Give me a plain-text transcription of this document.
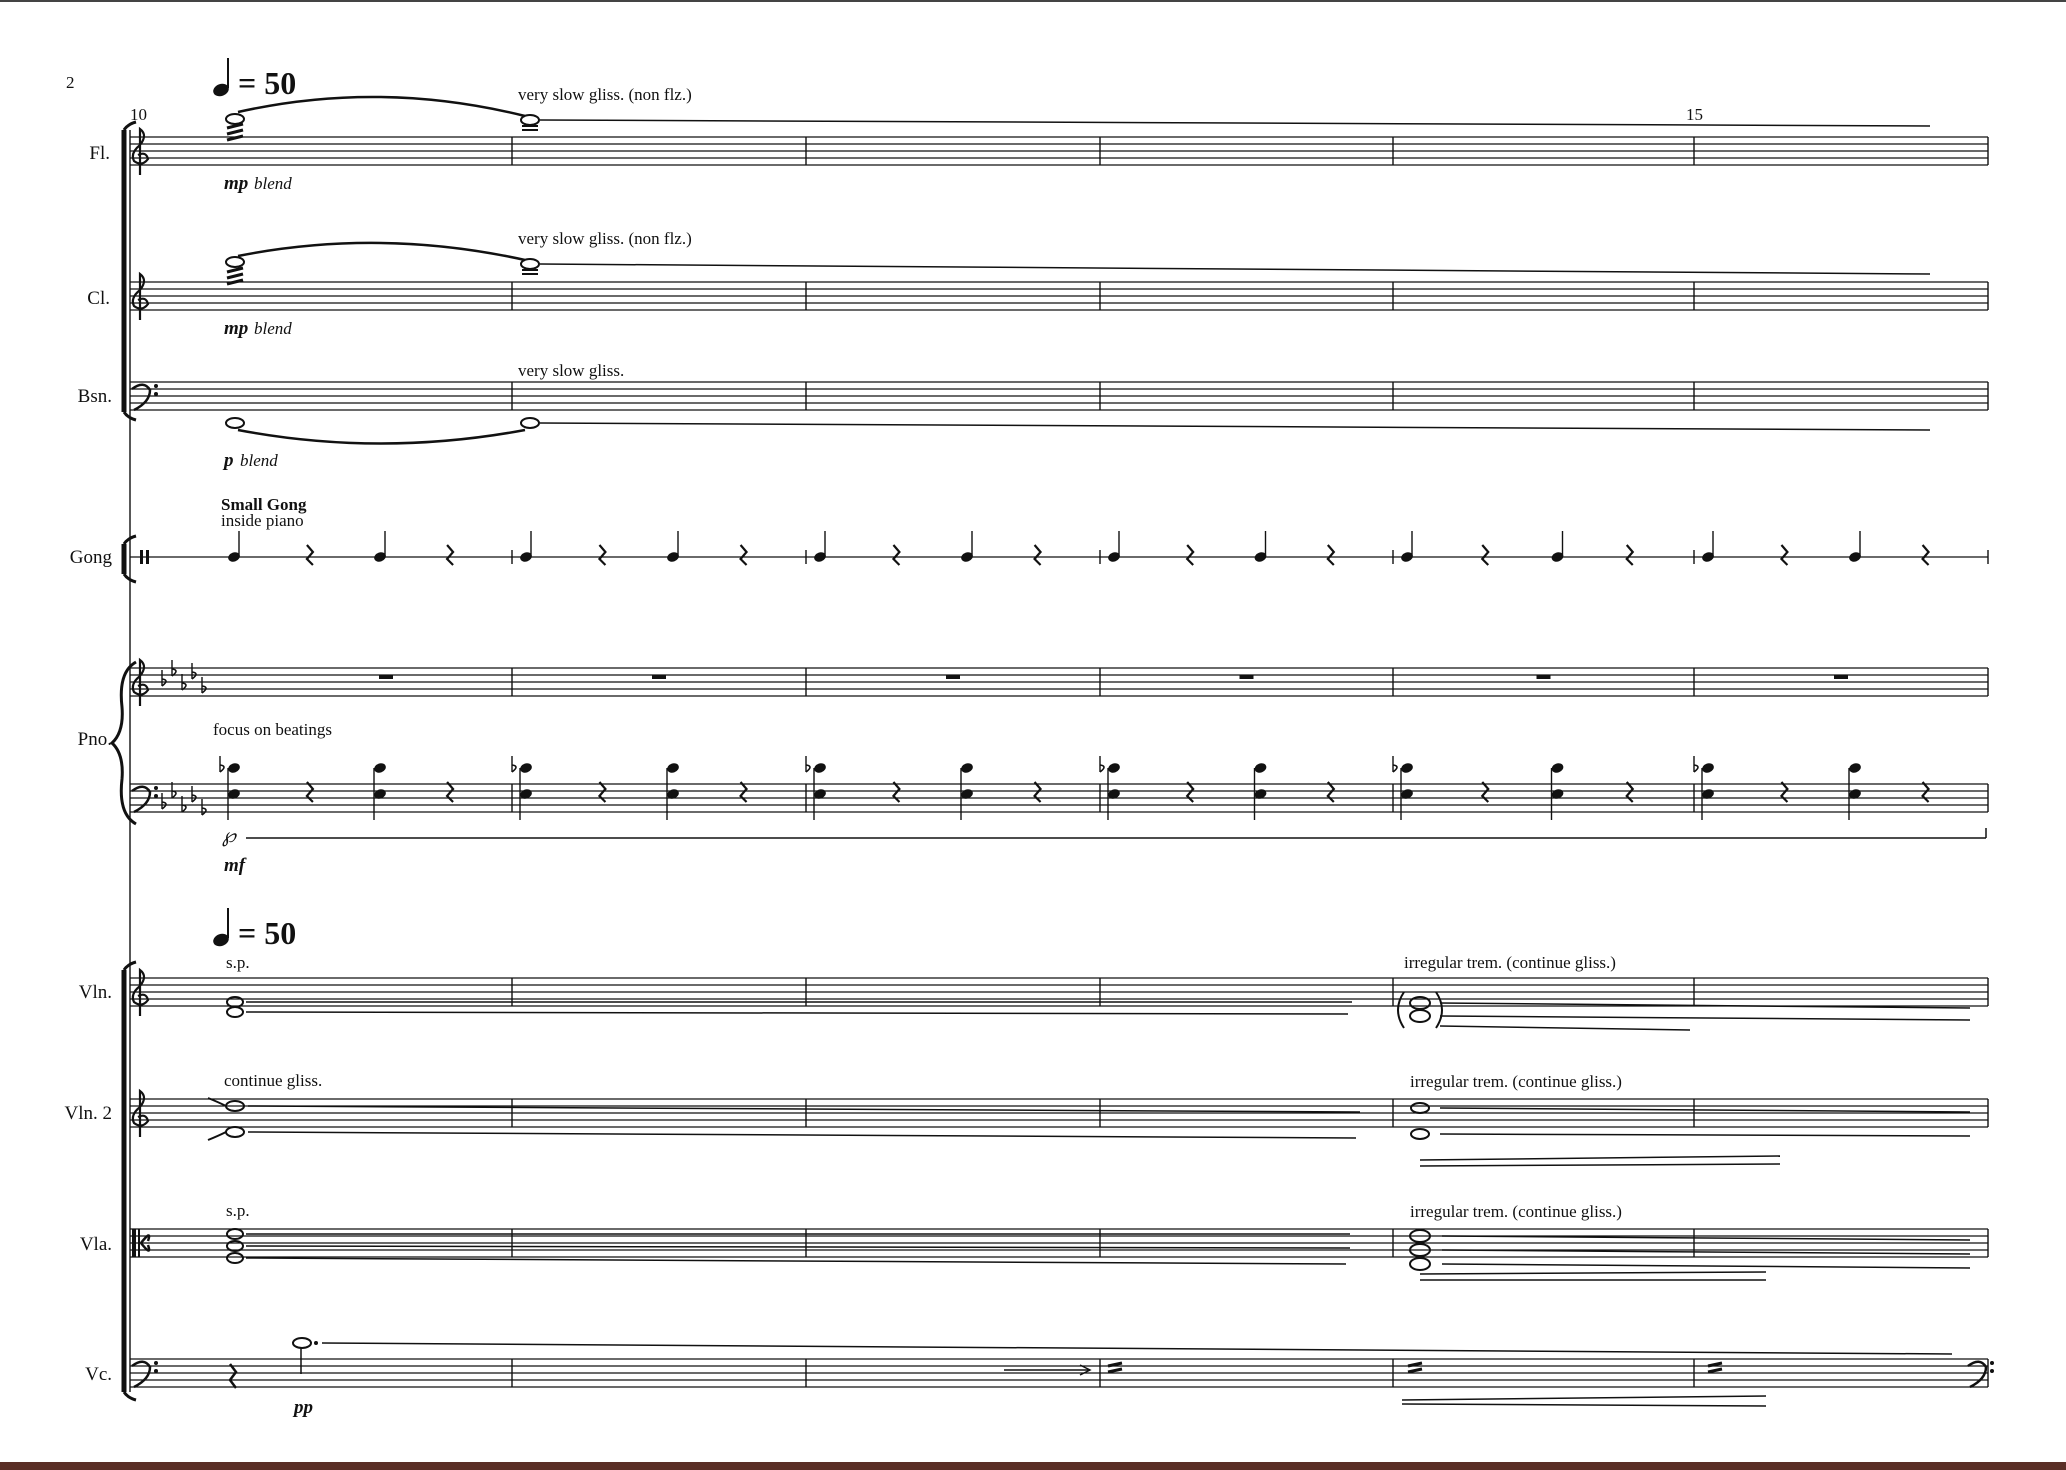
2
10	15
= 50
= 50
Fl.
Cl.
Bsn.
Gong
Pno.
Vln.
Vln. 2
Vla.
Vc.
very slow gliss. (non flz.)
mp blend
very slow gliss. (non flz.)
mp blend
very slow gliss.
p blend
Small Gong
inside piano
focus on beatings
℘
mf
s.p.	irregular trem. (continue gliss.)
continue gliss.	irregular trem. (continue gliss.)
s.p.	irregular trem. (continue gliss.)
pp
